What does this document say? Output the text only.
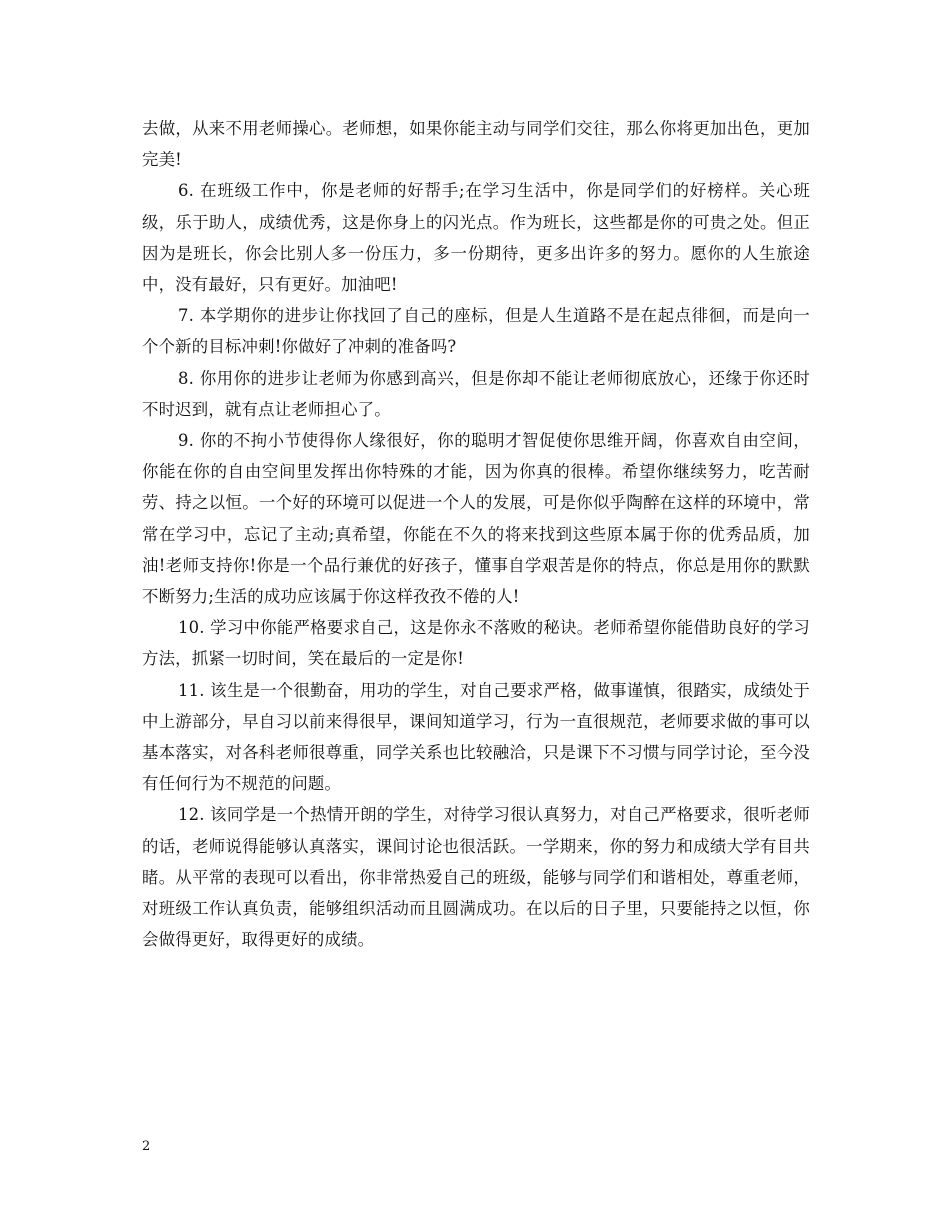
去做，从来不用老师操心。老师想，如果你能主动与同学们交往，那么你将更加出色，更加完美!

6. 在班级工作中，你是老师的好帮手;在学习生活中，你是同学们的好榜样。关心班级，乐于助人，成绩优秀，这是你身上的闪光点。作为班长，这些都是你的可贵之处。但正因为是班长，你会比别人多一份压力，多一份期待，更多出许多的努力。愿你的人生旅途中，没有最好，只有更好。加油吧!

7. 本学期你的进步让你找回了自己的座标，但是人生道路不是在起点徘徊，而是向一个个新的目标冲刺!你做好了冲刺的准备吗?

8. 你用你的进步让老师为你感到高兴，但是你却不能让老师彻底放心，还缘于你还时不时迟到，就有点让老师担心了。

9. 你的不拘小节使得你人缘很好，你的聪明才智促使你思维开阔，你喜欢自由空间，你能在你的自由空间里发挥出你特殊的才能，因为你真的很棒。希望你继续努力，吃苦耐劳、持之以恒。一个好的环境可以促进一个人的发展，可是你似乎陶醉在这样的环境中，常常在学习中，忘记了主动;真希望，你能在不久的将来找到这些原本属于你的优秀品质，加油!老师支持你!你是一个品行兼优的好孩子，懂事自学艰苦是你的特点，你总是用你的默默不断努力;生活的成功应该属于你这样孜孜不倦的人!

10. 学习中你能严格要求自己，这是你永不落败的秘诀。老师希望你能借助良好的学习方法，抓紧一切时间，笑在最后的一定是你!

11. 该生是一个很勤奋，用功的学生，对自己要求严格，做事谨慎，很踏实，成绩处于中上游部分，早自习以前来得很早，课间知道学习，行为一直很规范，老师要求做的事可以基本落实，对各科老师很尊重，同学关系也比较融洽，只是课下不习惯与同学讨论，至今没有任何行为不规范的问题。

12. 该同学是一个热情开朗的学生，对待学习很认真努力，对自己严格要求，很听老师的话，老师说得能够认真落实，课间讨论也很活跃。一学期来，你的努力和成绩大学有目共睹。从平常的表现可以看出，你非常热爱自己的班级，能够与同学们和谐相处，尊重老师，对班级工作认真负责，能够组织活动而且圆满成功。在以后的日子里，只要能持之以恒，你会做得更好，取得更好的成绩。

2
